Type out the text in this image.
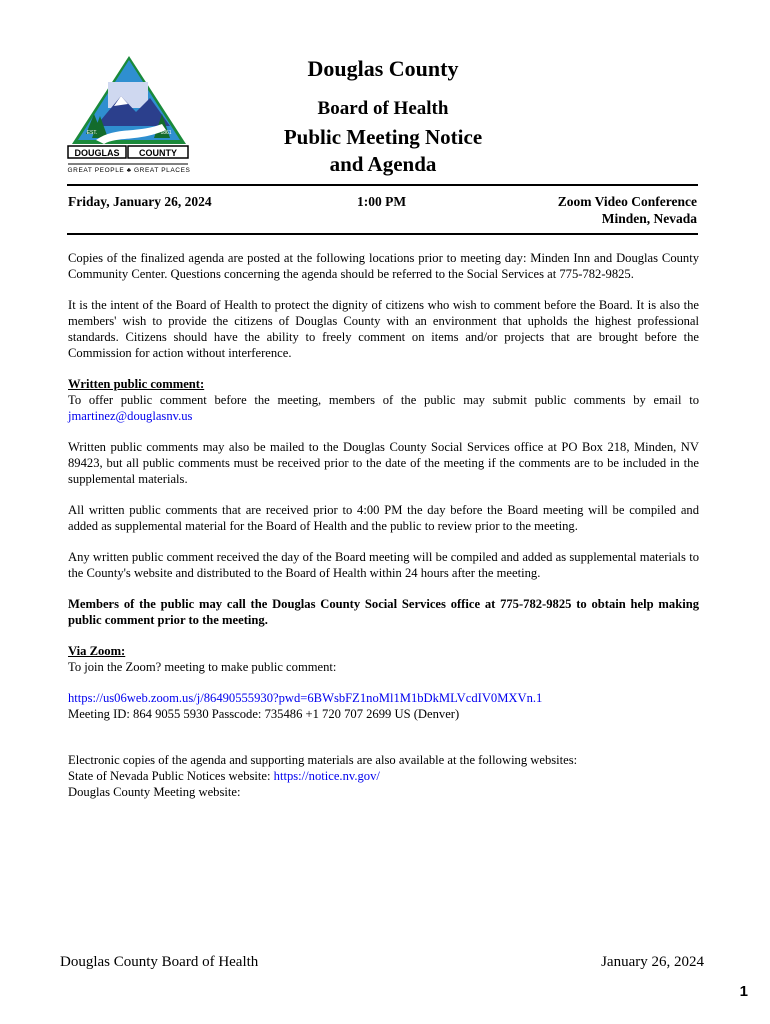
DOUGLAS COUNTY
EST.	1861
GREAT PEOPLE ♣ GREAT PLACES
Douglas County
Board of Health
Public Meeting Notice
and Agenda
Friday, January 26, 2024	1:00 PM	Zoom Video Conference
Minden, Nevada

Copies of the finalized agenda are posted at the following locations prior to meeting day: Minden Inn and Douglas County Community Center. Questions concerning the agenda should be referred to the Social Services at 775-782-9825.

It is the intent of the Board of Health to protect the dignity of citizens who wish to comment before the Board. It is also the members' wish to provide the citizens of Douglas County with an environment that upholds the highest professional standards. Citizens should have the ability to freely comment on items and/or projects that are brought before the Commission for action without interference.

Written public comment:
To offer public comment before the meeting, members of the public may submit public comments by email to jmartinez@douglasnv.us

Written public comments may also be mailed to the Douglas County Social Services office at PO Box 218, Minden, NV 89423, but all public comments must be received prior to the date of the meeting if the comments are to be included in the supplemental materials.

All written public comments that are received prior to 4:00 PM the day before the Board meeting will be compiled and added as supplemental material for the Board of Health and the public to review prior to the meeting.

Any written public comment received the day of the Board meeting will be compiled and added as supplemental materials to the County's website and distributed to the Board of Health within 24 hours after the meeting.

Members of the public may call the Douglas County Social Services office at 775-782-9825 to obtain help making public comment prior to the meeting.

Via Zoom:
To join the Zoom? meeting to make public comment:
https://us06web.zoom.us/j/86490555930?pwd=6BWsbFZ1noMl1M1bDkMLVcdIV0MXVn.1
Meeting ID: 864 9055 5930 Passcode: 735486 +1 720 707 2699 US (Denver)
Electronic copies of the agenda and supporting materials are also available at the following websites:
State of Nevada Public Notices website: https://notice.nv.gov/
Douglas County Meeting website:
Douglas County Board of Health	January 26, 2024
1
